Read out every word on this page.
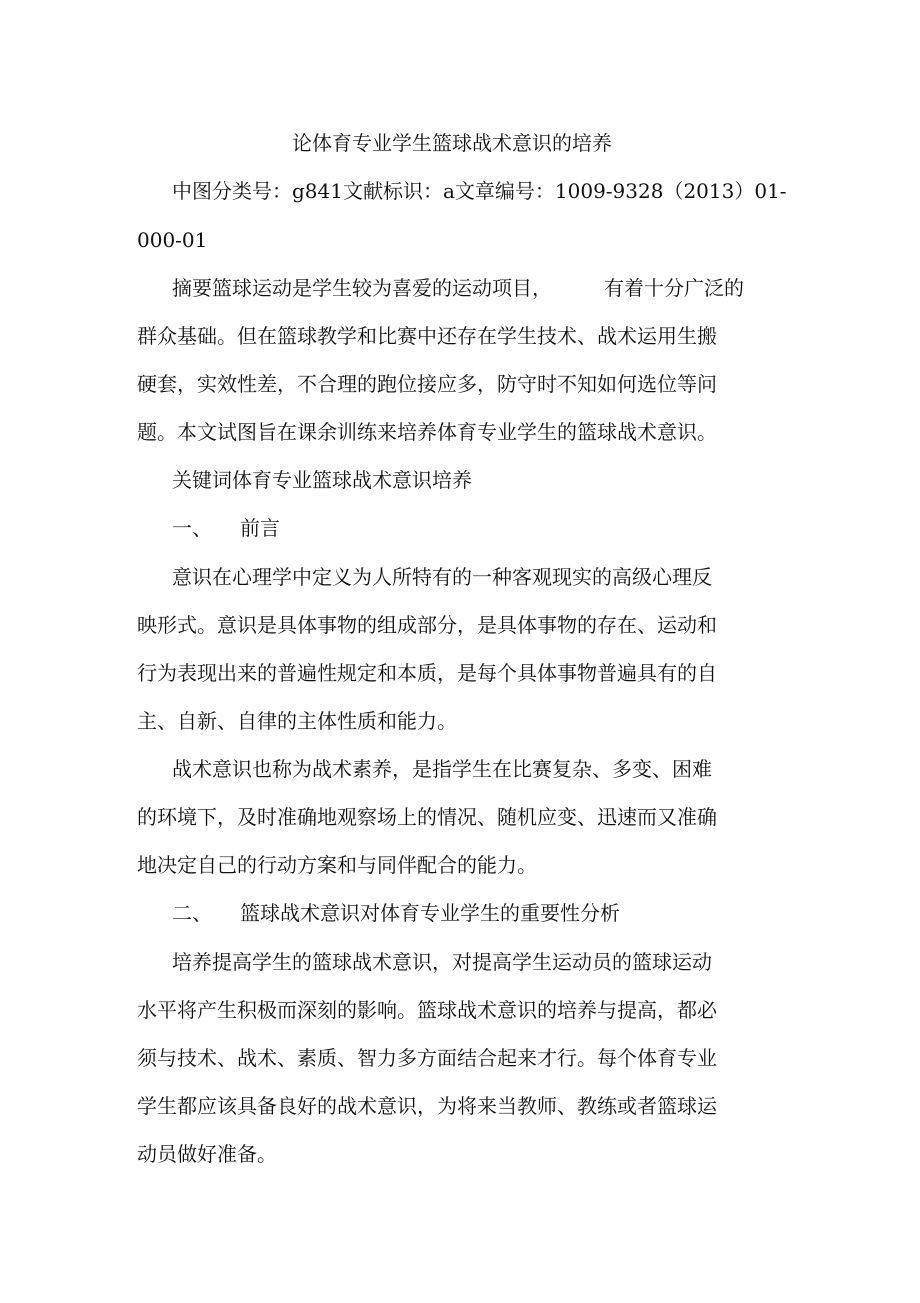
论体育专业学生篮球战术意识的培养
中图分类号：g841文献标识：a文章编号：1009-9328（2013）01-
000-01
摘要篮球运动是学生较为喜爱的运动项目，	有着十分广泛的
群众基础。但在篮球教学和比赛中还存在学生技术、战术运用生搬
硬套，实效性差，不合理的跑位接应多，防守时不知如何选位等问
题。本文试图旨在课余训练来培养体育专业学生的篮球战术意识。
关键词体育专业篮球战术意识培养
一、 前言
意识在心理学中定义为人所特有的一种客观现实的高级心理反
映形式。意识是具体事物的组成部分，是具体事物的存在、运动和
行为表现出来的普遍性规定和本质，是每个具体事物普遍具有的自
主、自新、自律的主体性质和能力。
战术意识也称为战术素养，是指学生在比赛复杂、多变、困难
的环境下，及时准确地观察场上的情况、随机应变、迅速而又准确
地决定自己的行动方案和与同伴配合的能力。
二、 篮球战术意识对体育专业学生的重要性分析
培养提高学生的篮球战术意识，对提高学生运动员的篮球运动
水平将产生积极而深刻的影响。篮球战术意识的培养与提高，都必
须与技术、战术、素质、智力多方面结合起来才行。每个体育专业
学生都应该具备良好的战术意识，为将来当教师、教练或者篮球运
动员做好准备。
